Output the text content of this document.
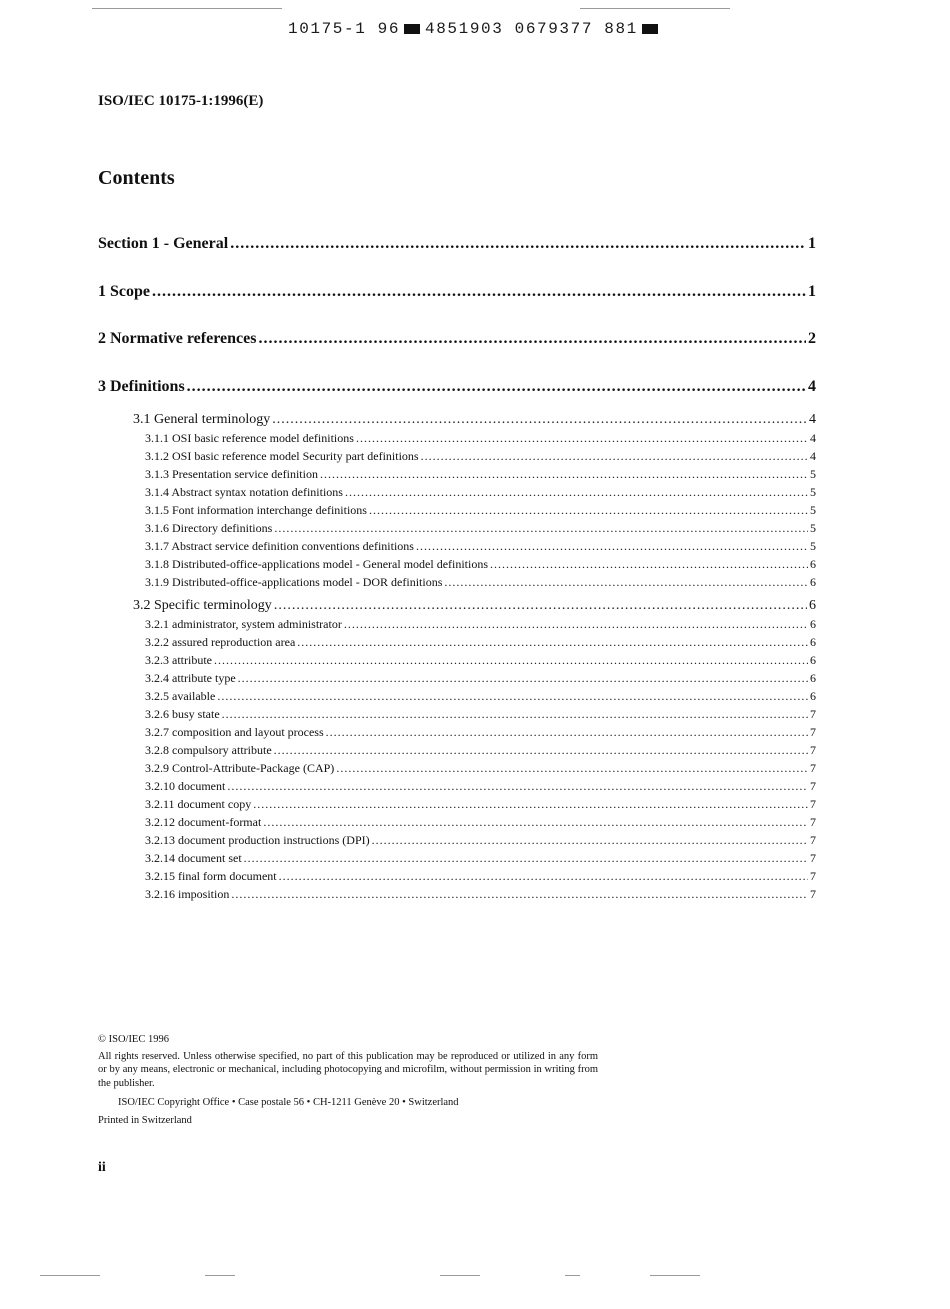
10175-1 96 4851903 0679377 881
ISO/IEC 10175-1:1996(E)
Contents
Section 1 - General .....	1
1 Scope .....	1
2 Normative references .....	2
3 Definitions .....	4
3.1 General terminology .....	4
3.1.1 OSI basic reference model definitions .....	4
3.1.2 OSI basic reference model Security part definitions .....	4
3.1.3 Presentation service definition .....	5
3.1.4 Abstract syntax notation definitions .....	5
3.1.5 Font information interchange definitions .....	5
3.1.6 Directory definitions .....	5
3.1.7 Abstract service definition conventions definitions .....	5
3.1.8 Distributed-office-applications model - General model definitions .....	6
3.1.9 Distributed-office-applications model - DOR definitions .....	6
3.2 Specific terminology .....	6
3.2.1 administrator, system administrator .....	6
3.2.2 assured reproduction area .....	6
3.2.3 attribute .....	6
3.2.4 attribute type .....	6
3.2.5 available .....	6
3.2.6 busy state .....	7
3.2.7 composition and layout process .....	7
3.2.8 compulsory attribute .....	7
3.2.9 Control-Attribute-Package (CAP) .....	7
3.2.10 document .....	7
3.2.11 document copy .....	7
3.2.12 document-format .....	7
3.2.13 document production instructions (DPI) .....	7
3.2.14 document set .....	7
3.2.15 final form document .....	7
3.2.16 imposition .....	7

© ISO/IEC 1996

All rights reserved. Unless otherwise specified, no part of this publication may be reproduced or utilized in any form or by any means, electronic or mechanical, including photocopying and microfilm, without permission in writing from the publisher.

ISO/IEC Copyright Office • Case postale 56 • CH-1211 Genève 20 • Switzerland

Printed in Switzerland

ii
